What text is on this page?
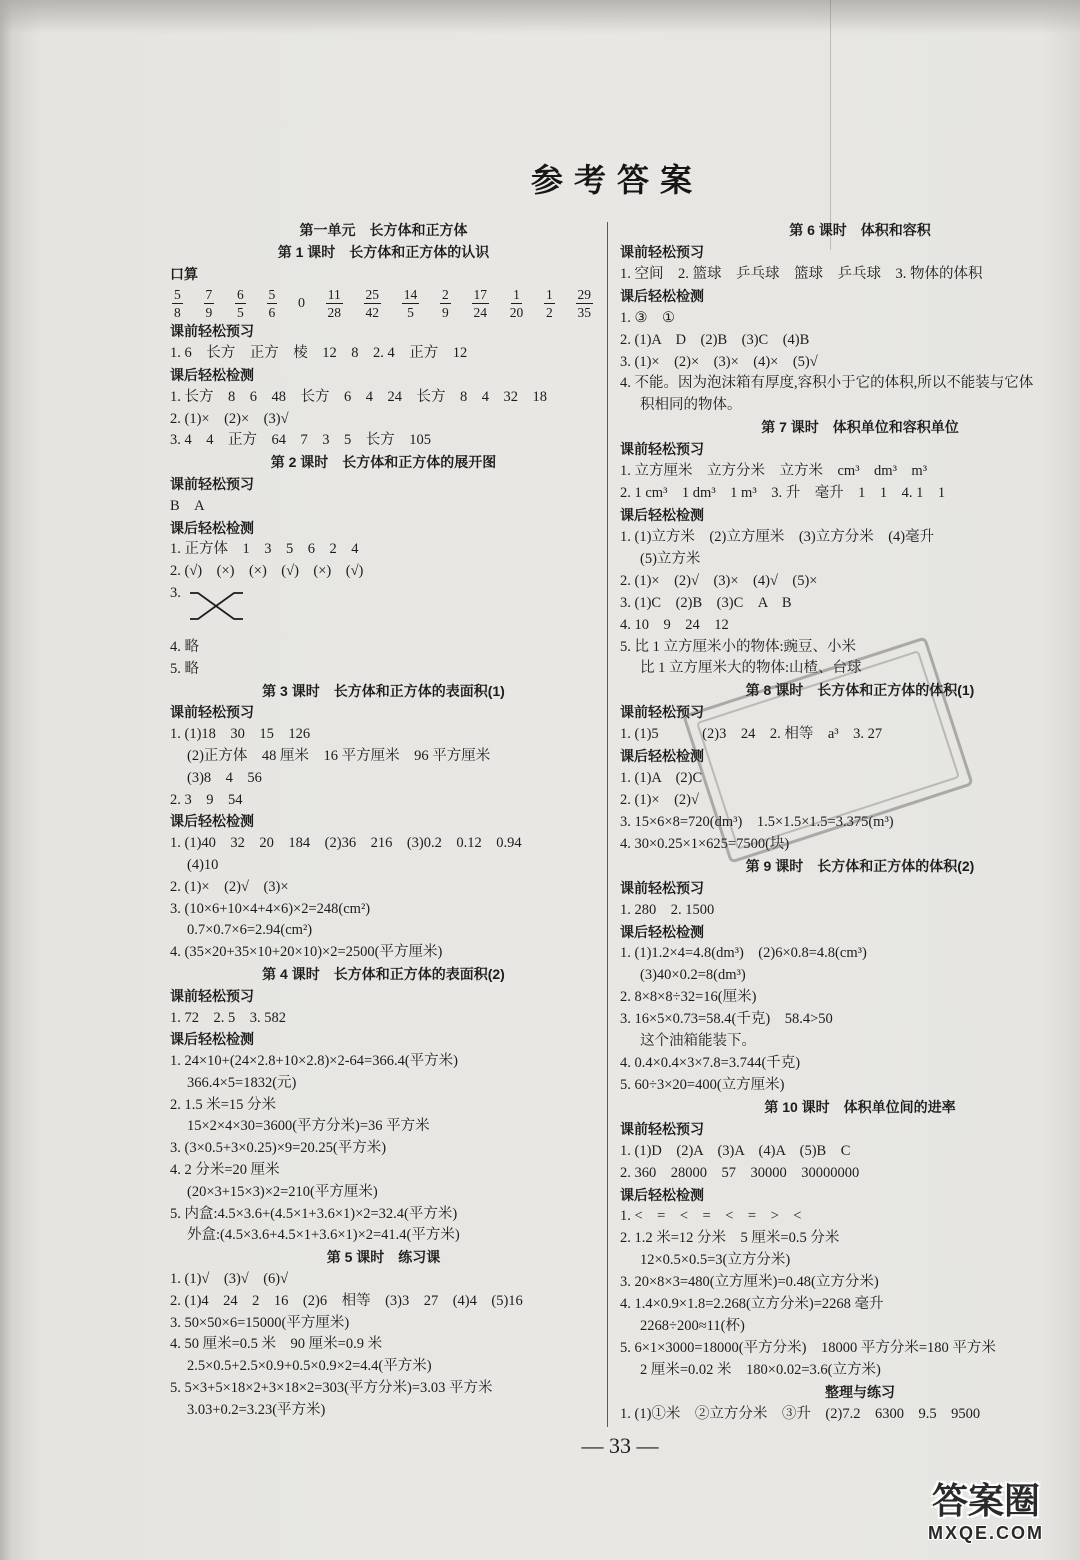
参考答案
第一单元　长方体和正方体
第 1 课时　长方体和正方体的认识
口算
$\frac{5}{8} \frac{7}{9} \frac{6}{5} \frac{5}{6} 0 \frac{11}{28} \frac{25}{42} \frac{14}{5} \frac{2}{9} \frac{17}{24} \frac{1}{20} \frac{1}{2} \frac{29}{35}$
课前轻松预习
1. 6　长方　正方　棱　12　8　2. 4　正方　12
课后轻松检测
1. 长方　8　6　48　长方　6　4　24　长方　8　4　32　18
2. (1)×　(2)×　(3)√
3. 4　4　正方　64　7　3　5　长方　105
第 2 课时　长方体和正方体的展开图
课前轻松预习
B　A
课后轻松检测
1. 正方体　1　3　5　6　2　4
2. (√)　(×)　(×)　(√)　(×)　(√)
3.
4. 略
5. 略
第 3 课时　长方体和正方体的表面积(1)
课前轻松预习
1. (1)18　30　15　126
(2)正方体　48 厘米　16 平方厘米　96 平方厘米
(3)8　4　56
2. 3　9　54
课后轻松检测
1. (1)40　32　20　184　(2)36　216　(3)0.2　0.12　0.94
(4)10
2. (1)×　(2)√　(3)×
3. (10×6+10×4+4×6)×2=248(cm²)
0.7×0.7×6=2.94(cm²)
4. (35×20+35×10+20×10)×2=2500(平方厘米)
第 4 课时　长方体和正方体的表面积(2)
课前轻松预习
1. 72　2. 5　3. 582
课后轻松检测
1. 24×10+(24×2.8+10×2.8)×2-64=366.4(平方米)
366.4×5=1832(元)
2. 1.5 米=15 分米
15×2×4×30=3600(平方分米)=36 平方米
3. (3×0.5+3×0.25)×9=20.25(平方米)
4. 2 分米=20 厘米
(20×3+15×3)×2=210(平方厘米)
5. 内盒:4.5×3.6+(4.5×1+3.6×1)×2=32.4(平方米)
外盒:(4.5×3.6+4.5×1+3.6×1)×2=41.4(平方米)
第 5 课时　练习课
1. (1)√　(3)√　(6)√
2. (1)4　24　2　16　(2)6　相等　(3)3　27　(4)4　(5)16
3. 50×50×6=15000(平方厘米)
4. 50 厘米=0.5 米　90 厘米=0.9 米
2.5×0.5+2.5×0.9+0.5×0.9×2=4.4(平方米)
5. 5×3+5×18×2+3×18×2=303(平方分米)=3.03 平方米
3.03+0.2=3.23(平方米)
第 6 课时　体积和容积
课前轻松预习
1. 空间　2. 篮球　乒乓球　篮球　乒乓球　3. 物体的体积
课后轻松检测
1. ③　①
2. (1)A　D　(2)B　(3)C　(4)B
3. (1)×　(2)×　(3)×　(4)×　(5)√
4. 不能。因为泡沫箱有厚度,容积小于它的体积,所以不能装与它体
积相同的物体。
第 7 课时　体积单位和容积单位
课前轻松预习
1. 立方厘米　立方分米　立方米　cm³　dm³　m³
2. 1 cm³　1 dm³　1 m³　3. 升　毫升　1　1　4. 1　1
课后轻松检测
1. (1)立方米　(2)立方厘米　(3)立方分米　(4)毫升
(5)立方米
2. (1)×　(2)√　(3)×　(4)√　(5)×
3. (1)C　(2)B　(3)C　A　B
4. 10　9　24　12
5. 比 1 立方厘米小的物体:豌豆、小米
比 1 立方厘米大的物体:山楂、台球
第 8 课时　长方体和正方体的体积(1)
课前轻松预习
1. (1)5　　　(2)3　24　2. 相等　a³　3. 27
课后轻松检测
1. (1)A　(2)C
2. (1)×　(2)√
3. 15×6×8=720(dm³)　1.5×1.5×1.5=3.375(m³)
4. 30×0.25×1×625=7500(块)
第 9 课时　长方体和正方体的体积(2)
课前轻松预习
1. 280　2. 1500
课后轻松检测
1. (1)1.2×4=4.8(dm³)　(2)6×0.8=4.8(cm³)
(3)40×0.2=8(dm³)
2. 8×8×8÷32=16(厘米)
3. 16×5×0.73=58.4(千克)　58.4>50
这个油箱能装下。
4. 0.4×0.4×3×7.8=3.744(千克)
5. 60÷3×20=400(立方厘米)
第 10 课时　体积单位间的进率
课前轻松预习
1. (1)D　(2)A　(3)A　(4)A　(5)B　C
2. 360　28000　57　30000　30000000
课后轻松检测
1. <　=　<　=　<　=　>　<
2. 1.2 米=12 分米　5 厘米=0.5 分米
12×0.5×0.5=3(立方分米)
3. 20×8×3=480(立方厘米)=0.48(立方分米)
4. 1.4×0.9×1.8=2.268(立方分米)=2268 毫升
2268÷200≈11(杯)
5. 6×1×3000=18000(平方分米)　18000 平方分米=180 平方米
2 厘米=0.02 米　180×0.02=3.6(立方米)
整理与练习
1. (1)①米　②立方分米　③升　(2)7.2　6300　9.5　9500
— 33 —
答案圈
MXQE.COM
